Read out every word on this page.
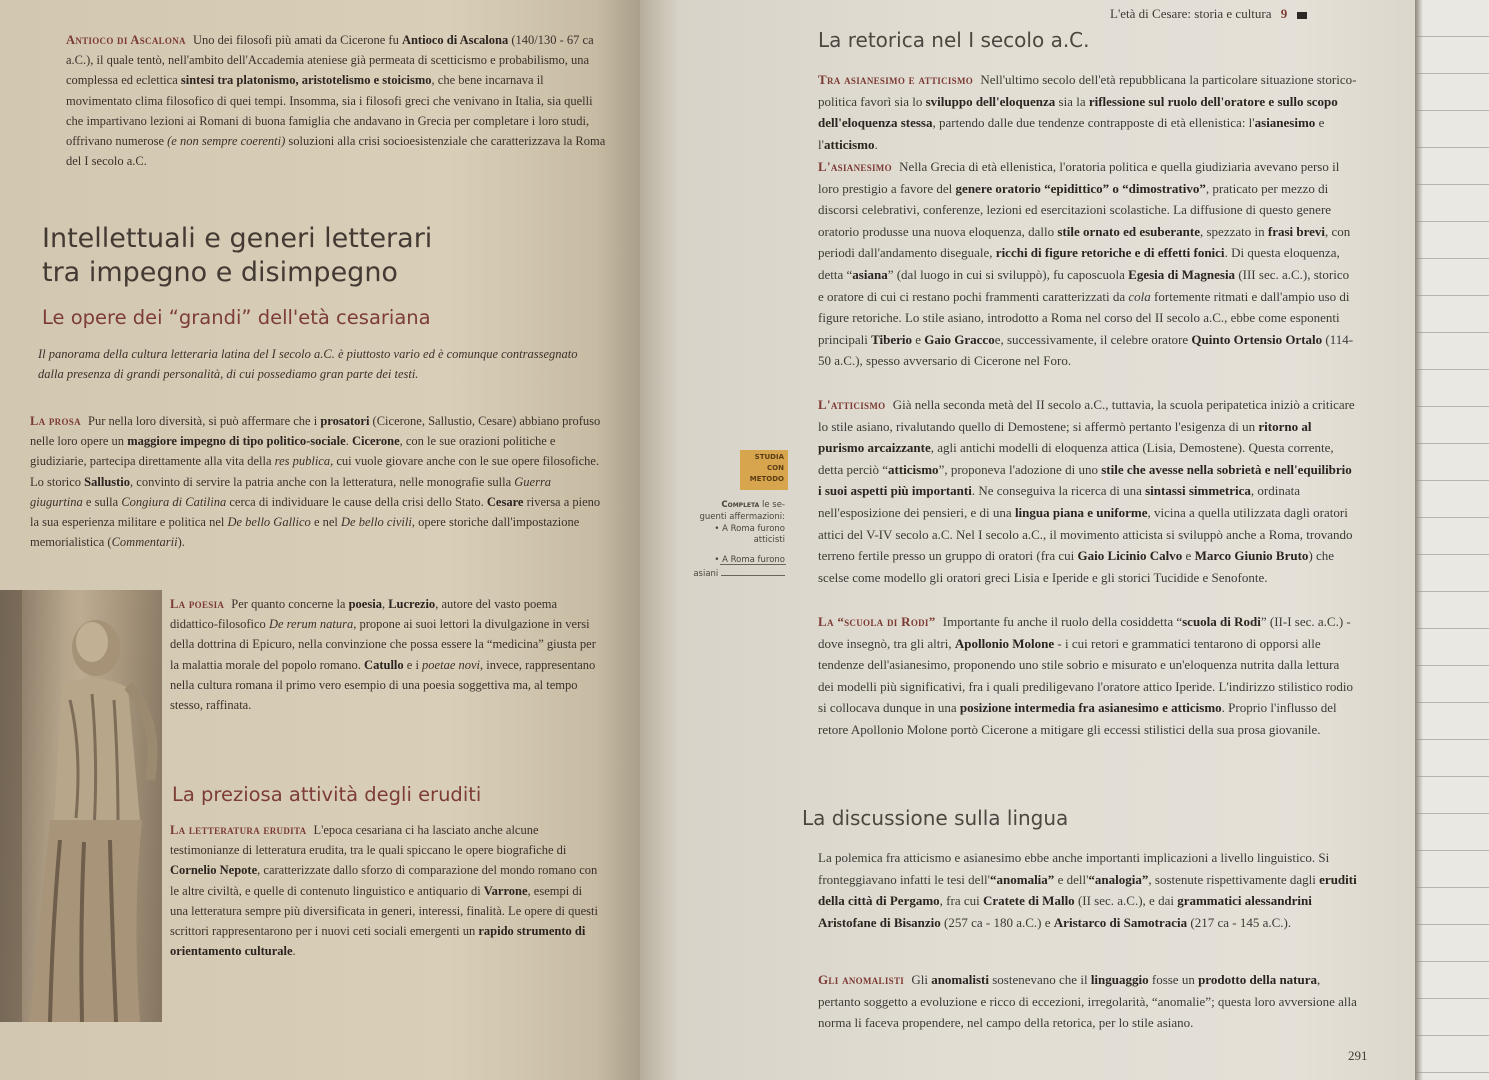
Antioco di Ascalona Uno dei filosofi più amati da Cicerone fu Antioco di Ascalona (140/130 - 67 ca a.C.), il quale tentò, nell'ambito dell'Accademia ateniese già permeata di scetticismo e probabilismo, una complessa ed eclettica sintesi tra platonismo, aristotelismo e stoicismo, che bene incarnava il movimentato clima filosofico di quei tempi. Insomma, sia i filosofi greci che venivano in Italia, sia quelli che impartivano lezioni ai Romani di buona famiglia che andavano in Grecia per completare i loro studi, offrivano numerose (e non sempre coerenti) soluzioni alla crisi socioesistenziale che caratterizzava la Roma del I secolo a.C.
Intellettuali e generi letterari
tra impegno e disimpegno
Le opere dei “grandi” dell'età cesariana
Il panorama della cultura letteraria latina del I secolo a.C. è piuttosto vario ed è comunque contrassegnato dalla presenza di grandi personalità, di cui possediamo gran parte dei testi.
La prosa Pur nella loro diversità, si può affermare che i prosatori (Cicerone, Sallustio, Cesare) abbiano profuso nelle loro opere un maggiore impegno di tipo politico-sociale. Cicerone, con le sue orazioni politiche e giudiziarie, partecipa direttamente alla vita della res publica, cui vuole giovare anche con le sue opere filosofiche. Lo storico Sallustio, convinto di servire la patria anche con la letteratura, nelle monografie sulla Guerra giugurtina e sulla Congiura di Catilina cerca di individuare le cause della crisi dello Stato. Cesare riversa a pieno la sua esperienza militare e politica nel De bello Gallico e nel De bello civili, opere storiche dall'impostazione memorialistica (Commentarii).
La poesia Per quanto concerne la poesia, Lucrezio, autore del vasto poema didattico-filosofico De rerum natura, propone ai suoi lettori la divulgazione in versi della dottrina di Epicuro, nella convinzione che possa essere la “medicina” giusta per la malattia morale del popolo romano. Catullo e i poetae novi, invece, rappresentano nella cultura romana il primo vero esempio di una poesia soggettiva ma, al tempo stesso, raffinata.
La preziosa attività degli eruditi
La letteratura erudita L'epoca cesariana ci ha lasciato anche alcune testimonianze di letteratura erudita, tra le quali spiccano le opere biografiche di Cornelio Nepote, caratterizzate dallo sforzo di comparazione del mondo romano con le altre civiltà, e quelle di contenuto linguistico e antiquario di Varrone, esempi di una letteratura sempre più diversificata in generi, interessi, finalità. Le opere di questi scrittori rappresentarono per i nuovi ceti sociali emergenti un rapido strumento di orientamento culturale.
L'età di Cesare: storia e cultura 9
La retorica nel I secolo a.C.
Tra asianesimo e atticismo Nell'ultimo secolo dell'età repubblicana la particolare situazione storico-politica favorì sia lo sviluppo dell'eloquenza sia la riflessione sul ruolo dell'oratore e sullo scopo dell'eloquenza stessa, partendo dalle due tendenze contrapposte di età ellenistica: l'asianesimo e l'atticismo.
L'asianesimo Nella Grecia di età ellenistica, l'oratoria politica e quella giudiziaria avevano perso il loro prestigio a favore del genere oratorio “epidittico” o “dimostrativo”, praticato per mezzo di discorsi celebrativi, conferenze, lezioni ed esercitazioni scolastiche. La diffusione di questo genere oratorio produsse una nuova eloquenza, dallo stile ornato ed esuberante, spezzato in frasi brevi, con periodi dall'andamento diseguale, ricchi di figure retoriche e di effetti fonici. Di questa eloquenza, detta “asiana” (dal luogo in cui si sviluppò), fu caposcuola Egesia di Magnesia (III sec. a.C.), storico e oratore di cui ci restano pochi frammenti caratterizzati da cola fortemente ritmati e dall'ampio uso di figure retoriche. Lo stile asiano, introdotto a Roma nel corso del II secolo a.C., ebbe come esponenti principali Tiberio e Gaio Graccoe, successivamente, il celebre oratore Quinto Ortensio Ortalo (114-50 a.C.), spesso avversario di Cicerone nel Foro.
L'atticismo Già nella seconda metà del II secolo a.C., tuttavia, la scuola peripatetica iniziò a criticare lo stile asiano, rivalutando quello di Demostene; si affermò pertanto l'esigenza di un ritorno al purismo arcaizzante, agli antichi modelli di eloquenza attica (Lisia, Demostene). Questa corrente, detta perciò “atticismo”, proponeva l'adozione di uno stile che avesse nella sobrietà e nell'equilibrio i suoi aspetti più importanti. Ne conseguiva la ricerca di una sintassi simmetrica, ordinata nell'esposizione dei pensieri, e di una lingua piana e uniforme, vicina a quella utilizzata dagli oratori attici del V-IV secolo a.C. Nel I secolo a.C., il movimento atticista si sviluppò anche a Roma, trovando terreno fertile presso un gruppo di oratori (fra cui Gaio Licinio Calvo e Marco Giunio Bruto) che scelse come modello gli oratori greci Lisia e Iperide e gli storici Tucidide e Senofonte.
La “scuola di Rodi” Importante fu anche il ruolo della cosiddetta “scuola di Rodi” (II-I sec. a.C.) - dove insegnò, tra gli altri, Apollonio Molone - i cui retori e grammatici tentarono di opporsi alle tendenze dell'asianesimo, proponendo uno stile sobrio e misurato e un'eloquenza nutrita dalla lettura dei modelli più significativi, fra i quali prediligevano l'oratore attico Iperide. L'indirizzo stilistico rodio si collocava dunque in una posizione intermedia fra asianesimo e atticismo. Proprio l'influsso del retore Apollonio Molone portò Cicerone a mitigare gli eccessi stilistici della sua prosa giovanile.
La discussione sulla lingua
La polemica fra atticismo e asianesimo ebbe anche importanti implicazioni a livello linguistico. Si fronteggiavano infatti le tesi dell'“anomalia” e dell'“analogia”, sostenute rispettivamente dagli eruditi della città di Pergamo, fra cui Cratete di Mallo (II sec. a.C.), e dai grammatici alessandrini Aristofane di Bisanzio (257 ca - 180 a.C.) e Aristarco di Samotracia (217 ca - 145 a.C.).
Gli anomalisti Gli anomalisti sostenevano che il linguaggio fosse un prodotto della natura, pertanto soggetto a evoluzione e ricco di eccezioni, irregolarità, “anomalie”; questa loro avversione alla norma li faceva propendere, nel campo della retorica, per lo stile asiano.
291
STUDIA
CON
METODO
Completa le se-
guenti affermazioni:
• A Roma furono
atticisti
• A Roma furono
asiani
